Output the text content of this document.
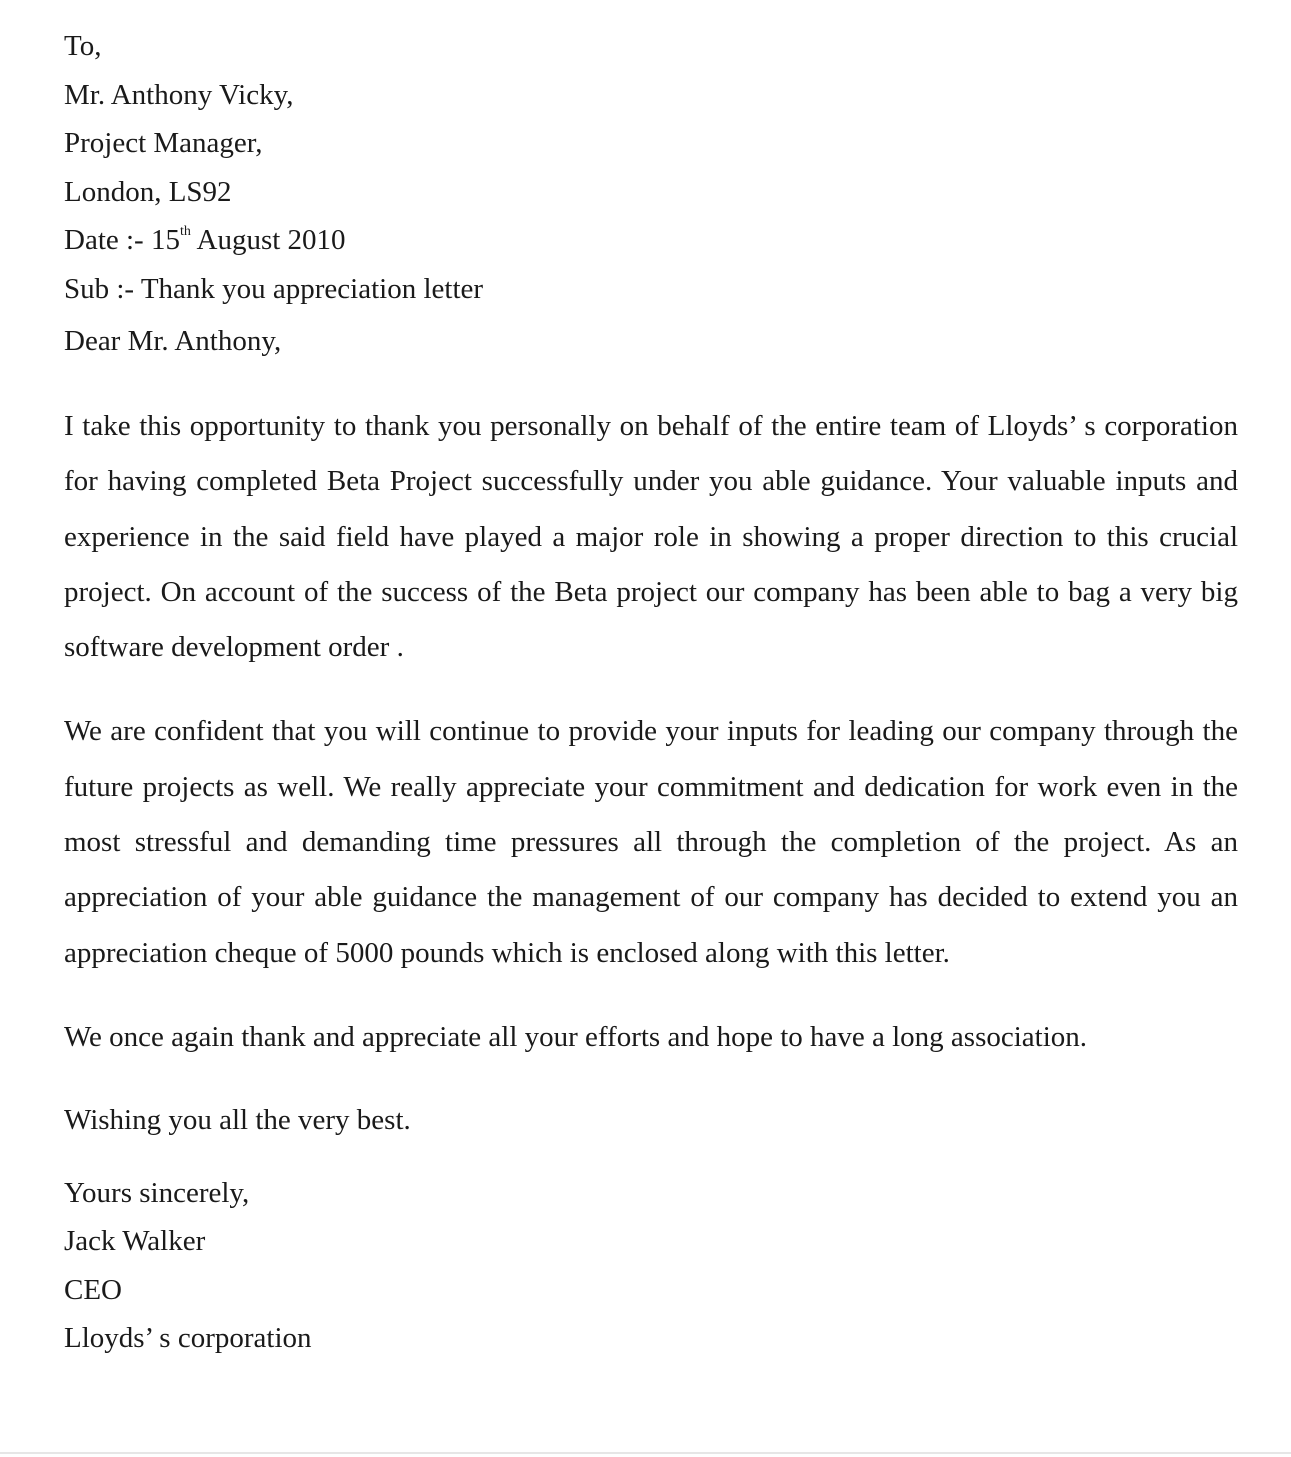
To,
Mr. Anthony Vicky,
Project Manager,
London, LS92
Date :- 15th August 2010
Sub :- Thank you appreciation letter
Dear Mr. Anthony,

I take this opportunity to thank you personally on behalf of the entire team of Lloyds’ s corporation for having completed Beta Project successfully under you able guidance. Your valuable inputs and experience in the said field have played a major role in showing a proper direction to this crucial project. On account of the success of the Beta project our company has been able to bag a very big software development order .

We are confident that you will continue to provide your inputs for leading our company through the future projects as well. We really appreciate your commitment and dedication for work even in the most stressful and demanding time pressures all through the completion of the project. As an appreciation of your able guidance the management of our company has decided to extend you an appreciation cheque of 5000 pounds which is enclosed along with this letter.

We once again thank and appreciate all your efforts and hope to have a long association.

Wishing you all the very best.

Yours sincerely,
Jack Walker
CEO
Lloyds’ s corporation
